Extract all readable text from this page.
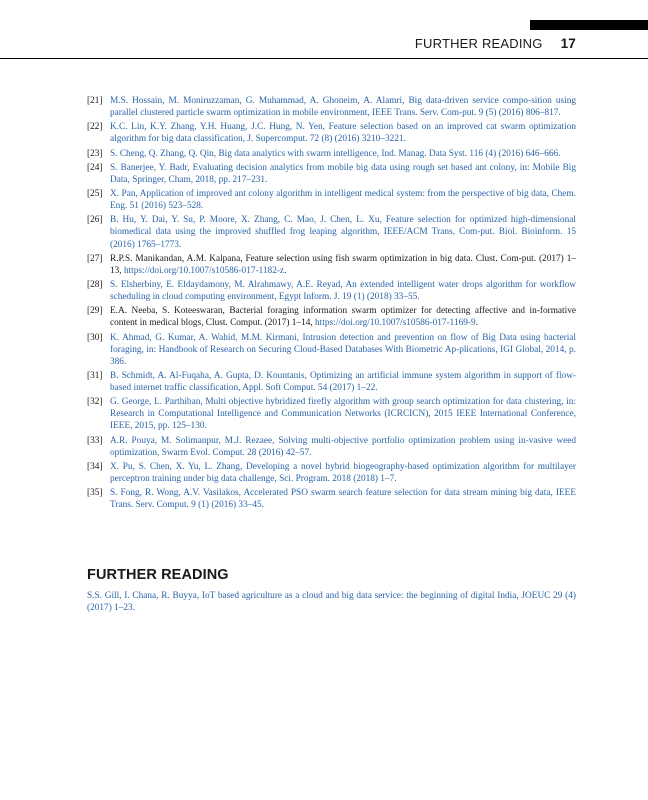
FURTHER READING 17
[21] M.S. Hossain, M. Moniruzzaman, G. Muhammad, A. Ghoneim, A. Alamri, Big data-driven service compo-sition using parallel clustered particle swarm optimization in mobile environment, IEEE Trans. Serv. Com-put. 9 (5) (2016) 806–817.
[22] K.C. Lin, K.Y. Zhang, Y.H. Huang, J.C. Hung, N. Yen, Feature selection based on an improved cat swarm optimization algorithm for big data classification, J. Supercomput. 72 (8) (2016) 3210–3221.
[23] S. Cheng, Q. Zhang, Q. Qin, Big data analytics with swarm intelligence, Ind. Manag. Data Syst. 116 (4) (2016) 646–666.
[24] S. Banerjee, Y. Badr, Evaluating decision analytics from mobile big data using rough set based ant colony, in: Mobile Big Data, Springer, Cham, 2018, pp. 217–231.
[25] X. Pan, Application of improved ant colony algorithm in intelligent medical system: from the perspective of big data, Chem. Eng. 51 (2016) 523–528.
[26] B. Hu, Y. Dai, Y. Su, P. Moore, X. Zhang, C. Mao, J. Chen, L. Xu, Feature selection for optimized high-dimensional biomedical data using the improved shuffled frog leaping algorithm, IEEE/ACM Trans. Com-put. Biol. Bioinform. 15 (2016) 1765–1773.
[27] R.P.S. Manikandan, A.M. Kalpana, Feature selection using fish swarm optimization in big data. Clust. Com-put. (2017) 1–13, https://doi.org/10.1007/s10586-017-1182-z.
[28] S. Elsherbiny, E. Eldaydamony, M. Alrahmawy, A.E. Reyad, An extended intelligent water drops algorithm for workflow scheduling in cloud computing environment, Egypt Inform. J. 19 (1) (2018) 33–55.
[29] E.A. Neeba, S. Koteeswaran, Bacterial foraging information swarm optimizer for detecting affective and in-formative content in medical blogs, Clust. Comput. (2017) 1–14, https://doi.org/10.1007/s10586-017-1169-9.
[30] K. Ahmad, G. Kumar, A. Wahid, M.M. Kirmani, Intrusion detection and prevention on flow of Big Data using bacterial foraging, in: Handbook of Research on Securing Cloud-Based Databases With Biometric Ap-plications, IGI Global, 2014, p. 386.
[31] B. Schmidt, A. Al-Fuqaha, A. Gupta, D. Kountanis, Optimizing an artificial immune system algorithm in support of flow-based internet traffic classification, Appl. Soft Comput. 54 (2017) 1–22.
[32] G. George, L. Parthiban, Multi objective hybridized firefly algorithm with group search optimization for data clustering, in: Research in Computational Intelligence and Communication Networks (ICRCICN), 2015 IEEE International Conference, IEEE, 2015, pp. 125–130.
[33] A.R. Pouya, M. Solimanpur, M.J. Rezaee, Solving multi-objective portfolio optimization problem using in-vasive weed optimization, Swarm Evol. Comput. 28 (2016) 42–57.
[34] X. Pu, S. Chen, X. Yu, L. Zhang, Developing a novel hybrid biogeography-based optimization algorithm for multilayer perceptron training under big data challenge, Sci. Program. 2018 (2018) 1–7.
[35] S. Fong, R. Wong, A.V. Vasilakos, Accelerated PSO swarm search feature selection for data stream mining big data, IEEE Trans. Serv. Comput. 9 (1) (2016) 33–45.
FURTHER READING
S.S. Gill, I. Chana, R. Buyya, IoT based agriculture as a cloud and big data service: the beginning of digital India, JOEUC 29 (4) (2017) 1–23.
